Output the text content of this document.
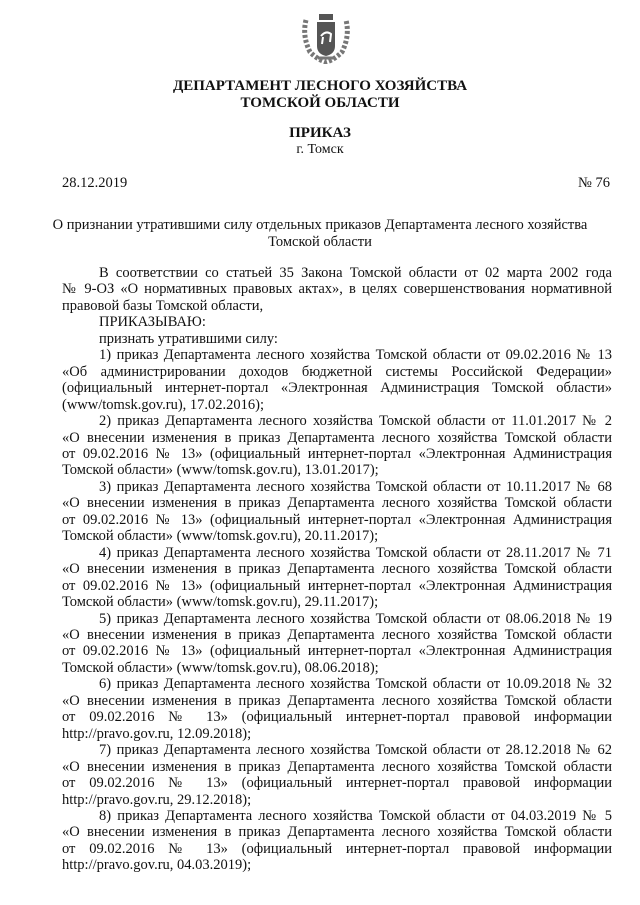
ДЕПАРТАМЕНТ ЛЕСНОГО ХОЗЯЙСТВА
ТОМСКОЙ ОБЛАСТИ
ПРИКАЗ
г. Томск
28.12.2019	№ 76
О признании утратившими силу отдельных приказов Департамента лесного хозяйства
Томской области
В соответствии со статьей 35 Закона Томской области от 02 марта 2002 года
№ 9-ОЗ «О нормативных правовых актах», в целях совершенствования нормативной
правовой базы Томской области,
ПРИКАЗЫВАЮ:
признать утратившими силу:
1) приказ Департамента лесного хозяйства Томской области от 09.02.2016 № 13
«Об администрировании доходов бюджетной системы Российской Федерации»
(официальный интернет-портал «Электронная Администрация Томской области»
(www/tomsk.gov.ru), 17.02.2016);
2) приказ Департамента лесного хозяйства Томской области от 11.01.2017 № 2
«О внесении изменения в приказ Департамента лесного хозяйства Томской области
от 09.02.2016 № 13» (официальный интернет-портал «Электронная Администрация
Томской области» (www/tomsk.gov.ru), 13.01.2017);
3) приказ Департамента лесного хозяйства Томской области от 10.11.2017 № 68
«О внесении изменения в приказ Департамента лесного хозяйства Томской области
от 09.02.2016 № 13» (официальный интернет-портал «Электронная Администрация
Томской области» (www/tomsk.gov.ru), 20.11.2017);
4) приказ Департамента лесного хозяйства Томской области от 28.11.2017 № 71
«О внесении изменения в приказ Департамента лесного хозяйства Томской области
от 09.02.2016 № 13» (официальный интернет-портал «Электронная Администрация
Томской области» (www/tomsk.gov.ru), 29.11.2017);
5) приказ Департамента лесного хозяйства Томской области от 08.06.2018 № 19
«О внесении изменения в приказ Департамента лесного хозяйства Томской области
от 09.02.2016 № 13» (официальный интернет-портал «Электронная Администрация
Томской области» (www/tomsk.gov.ru), 08.06.2018);
6) приказ Департамента лесного хозяйства Томской области от 10.09.2018 № 32
«О внесении изменения в приказ Департамента лесного хозяйства Томской области
от 09.02.2016 № 13» (официальный интернет-портал правовой информации
http://pravo.gov.ru, 12.09.2018);
7) приказ Департамента лесного хозяйства Томской области от 28.12.2018 № 62
«О внесении изменения в приказ Департамента лесного хозяйства Томской области
от 09.02.2016 № 13» (официальный интернет-портал правовой информации
http://pravo.gov.ru, 29.12.2018);
8) приказ Департамента лесного хозяйства Томской области от 04.03.2019 № 5
«О внесении изменения в приказ Департамента лесного хозяйства Томской области
от 09.02.2016 № 13» (официальный интернет-портал правовой информации
http://pravo.gov.ru, 04.03.2019);
